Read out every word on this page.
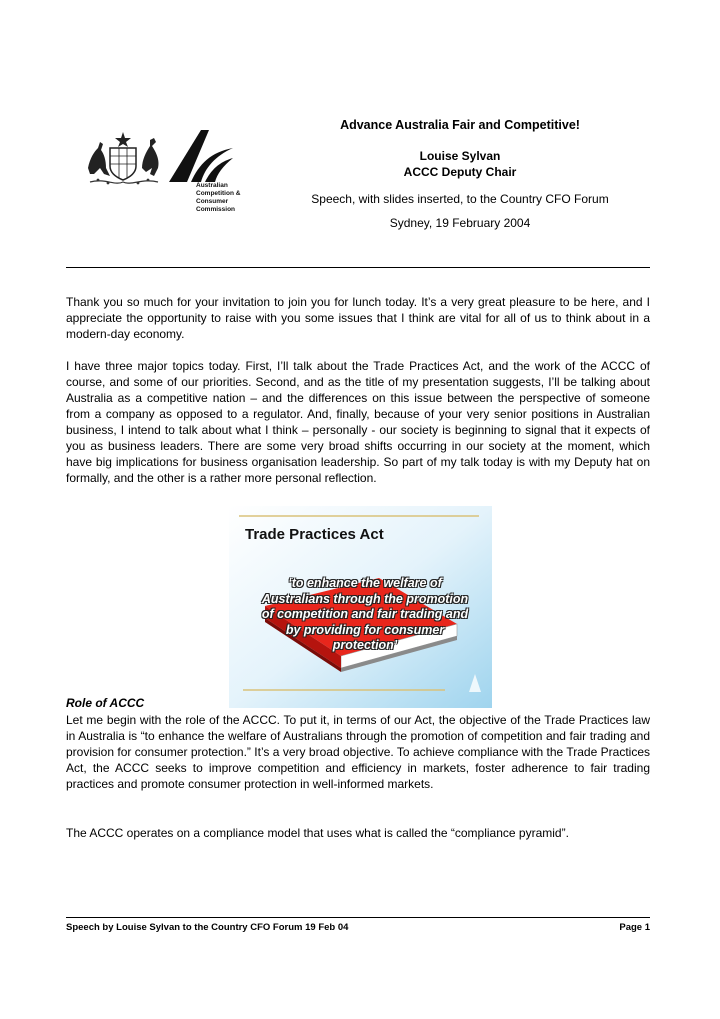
Australian
Competition &
Consumer
Commission
Advance Australia Fair and Competitive!
Louise Sylvan
ACCC Deputy Chair
Speech, with slides inserted, to the Country CFO Forum
Sydney, 19 February 2004

Thank you so much for your invitation to join you for lunch today. It’s a very great pleasure to be here, and I appreciate the opportunity to raise with you some issues that I think are vital for all of us to think about in a modern-day economy.

I have three major topics today. First, I’ll talk about the Trade Practices Act, and the work of the ACCC of course, and some of our priorities. Second, and as the title of my presentation suggests, I’ll be talking about Australia as a competitive nation – and the differences on this issue between the perspective of someone from a company as opposed to a regulator. And, finally, because of your very senior positions in Australian business, I intend to talk about what I think – personally - our society is beginning to signal that it expects of you as business leaders. There are some very broad shifts occurring in our society at the moment, which have big implications for business organisation leadership. So part of my talk today is with my Deputy hat on formally, and the other is a rather more personal reflection.

Trade Practices Act
‘to enhance the welfare of Australians through the promotion of competition and fair trading and by providing for consumer protection’
Role of ACCC

Let me begin with the role of the ACCC. To put it, in terms of our Act, the objective of the Trade Practices law in Australia is “to enhance the welfare of Australians through the promotion of competition and fair trading and provision for consumer protection.” It’s a very broad objective. To achieve compliance with the Trade Practices Act, the ACCC seeks to improve competition and efficiency in markets, foster adherence to fair trading practices and promote consumer protection in well-informed markets.

The ACCC operates on a compliance model that uses what is called the “compliance pyramid”.

Speech by Louise Sylvan to the Country CFO Forum 19 Feb 04	Page 1
